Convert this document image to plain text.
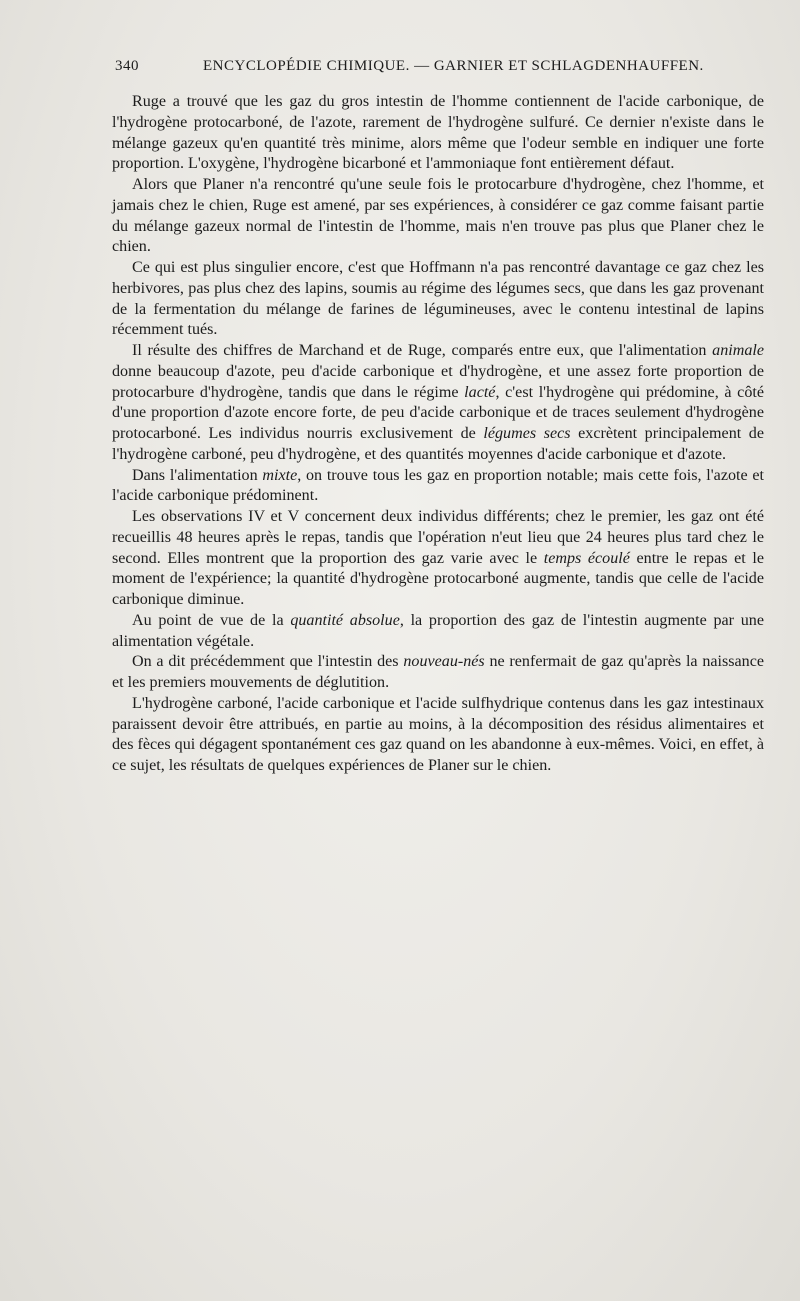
340	ENCYCLOPÉDIE CHIMIQUE. — GARNIER ET SCHLAGDENHAUFFEN.

Ruge a trouvé que les gaz du gros intestin de l'homme contiennent de l'acide carbonique, de l'hydrogène protocarboné, de l'azote, rarement de l'hydrogène sulfuré. Ce dernier n'existe dans le mélange gazeux qu'en quantité très minime, alors même que l'odeur semble en indiquer une forte proportion. L'oxygène, l'hydrogène bicarboné et l'ammoniaque font entièrement défaut.

Alors que Planer n'a rencontré qu'une seule fois le protocarbure d'hydrogène, chez l'homme, et jamais chez le chien, Ruge est amené, par ses expériences, à considérer ce gaz comme faisant partie du mélange gazeux normal de l'intestin de l'homme, mais n'en trouve pas plus que Planer chez le chien.

Ce qui est plus singulier encore, c'est que Hoffmann n'a pas rencontré davantage ce gaz chez les herbivores, pas plus chez des lapins, soumis au régime des légumes secs, que dans les gaz provenant de la fermentation du mélange de farines de légumineuses, avec le contenu intestinal de lapins récemment tués.

Il résulte des chiffres de Marchand et de Ruge, comparés entre eux, que l'alimentation animale donne beaucoup d'azote, peu d'acide carbonique et d'hydrogène, et une assez forte proportion de protocarbure d'hydrogène, tandis que dans le régime lacté, c'est l'hydrogène qui prédomine, à côté d'une proportion d'azote encore forte, de peu d'acide carbonique et de traces seulement d'hydrogène protocarboné. Les individus nourris exclusivement de légumes secs excrètent principalement de l'hydrogène carboné, peu d'hydrogène, et des quantités moyennes d'acide carbonique et d'azote.

Dans l'alimentation mixte, on trouve tous les gaz en proportion notable; mais cette fois, l'azote et l'acide carbonique prédominent.

Les observations IV et V concernent deux individus différents; chez le premier, les gaz ont été recueillis 48 heures après le repas, tandis que l'opération n'eut lieu que 24 heures plus tard chez le second. Elles montrent que la proportion des gaz varie avec le temps écoulé entre le repas et le moment de l'expérience; la quantité d'hydrogène protocarboné augmente, tandis que celle de l'acide carbonique diminue.

Au point de vue de la quantité absolue, la proportion des gaz de l'intestin augmente par une alimentation végétale.

On a dit précédemment que l'intestin des nouveau-nés ne renfermait de gaz qu'après la naissance et les premiers mouvements de déglutition.

L'hydrogène carboné, l'acide carbonique et l'acide sulfhydrique contenus dans les gaz intestinaux paraissent devoir être attribués, en partie au moins, à la décomposition des résidus alimentaires et des fèces qui dégagent spontanément ces gaz quand on les abandonne à eux-mêmes. Voici, en effet, à ce sujet, les résultats de quelques expériences de Planer sur le chien.
